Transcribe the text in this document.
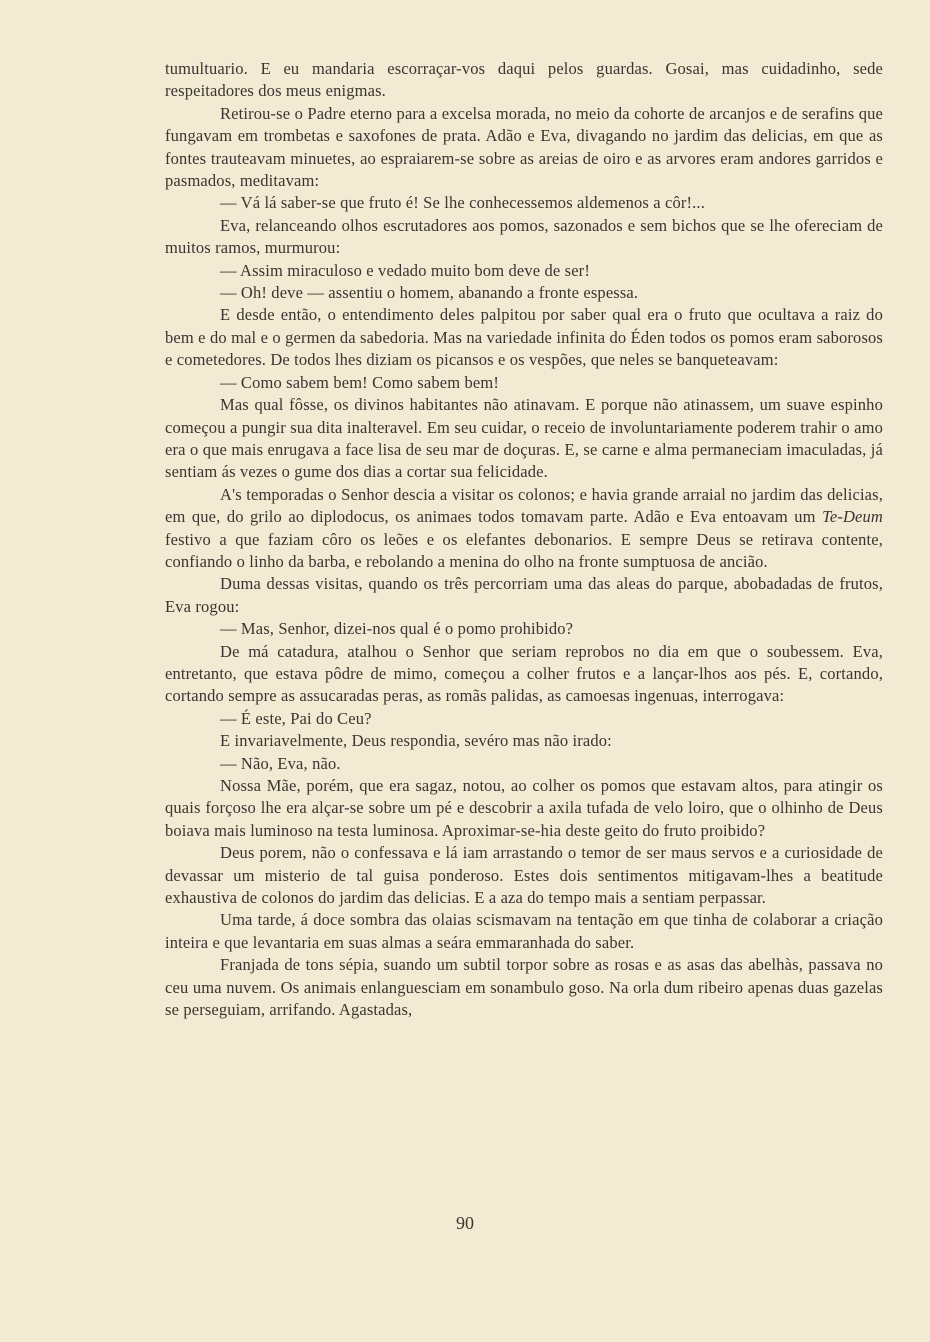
tumultuario. E eu mandaria escorraçar-vos daqui pelos guardas. Gosai, mas cuidadinho, sede respeitadores dos meus enigmas.

Retirou-se o Padre eterno para a excelsa morada, no meio da cohorte de arcanjos e de serafins que fungavam em trombetas e saxofones de prata. Adão e Eva, divagando no jardim das delicias, em que as fontes trauteavam minuetes, ao espraiarem-se sobre as areias de oiro e as arvores eram andores garridos e pasmados, meditavam:

— Vá lá saber-se que fruto é! Se lhe conhecessemos aldemenos a côr!...

Eva, relanceando olhos escrutadores aos pomos, sazonados e sem bichos que se lhe ofereciam de muitos ramos, murmurou:

— Assim miraculoso e vedado muito bom deve de ser!

— Oh! deve — assentiu o homem, abanando a fronte espessa.

E desde então, o entendimento deles palpitou por saber qual era o fruto que ocultava a raiz do bem e do mal e o germen da sabedoria. Mas na variedade infinita do Éden todos os pomos eram saborosos e cometedores. De todos lhes diziam os picansos e os vespões, que neles se banqueteavam:

— Como sabem bem! Como sabem bem!

Mas qual fôsse, os divinos habitantes não atinavam. E porque não atinassem, um suave espinho começou a pungir sua dita inalteravel. Em seu cuidar, o receio de involuntariamente poderem trahir o amo era o que mais enrugava a face lisa de seu mar de doçuras. E, se carne e alma permaneciam imaculadas, já sentiam ás vezes o gume dos dias a cortar sua felicidade.

A's temporadas o Senhor descia a visitar os colonos; e havia grande arraial no jardim das delicias, em que, do grilo ao diplodocus, os animaes todos tomavam parte. Adão e Eva entoavam um Te-Deum festivo a que faziam côro os leões e os elefantes debonarios. E sempre Deus se retirava contente, confiando o linho da barba, e rebolando a menina do olho na fronte sumptuosa de ancião.

Duma dessas visitas, quando os três percorriam uma das aleas do parque, abobadadas de frutos, Eva rogou:

— Mas, Senhor, dizei-nos qual é o pomo prohibido?

De má catadura, atalhou o Senhor que seriam reprobos no dia em que o soubessem. Eva, entretanto, que estava pôdre de mimo, começou a colher frutos e a lançar-lhos aos pés. E, cortando, cortando sempre as assucaradas peras, as romãs palidas, as camoesas ingenuas, interrogava:

— É este, Pai do Ceu?

E invariavelmente, Deus respondia, sevéro mas não irado:

— Não, Eva, não.

Nossa Mãe, porém, que era sagaz, notou, ao colher os pomos que estavam altos, para atingir os quais forçoso lhe era alçar-se sobre um pé e descobrir a axila tufada de velo loiro, que o olhinho de Deus boiava mais luminoso na testa luminosa. Aproximar-se-hia deste geito do fruto proibido?

Deus porem, não o confessava e lá iam arrastando o temor de ser maus servos e a curiosidade de devassar um misterio de tal guisa ponderoso. Estes dois sentimentos mitigavam-lhes a beatitude exhaustiva de colonos do jardim das delicias. E a aza do tempo mais a sentiam perpassar.

Uma tarde, á doce sombra das olaias scismavam na tentação em que tinha de colaborar a criação inteira e que levantaria em suas almas a seára emmaranhada do saber.

Franjada de tons sépia, suando um subtil torpor sobre as rosas e as asas das abelhàs, passava no ceu uma nuvem. Os animais enlanguesciam em sonambulo goso. Na orla dum ribeiro apenas duas gazelas se perseguiam, arrifando. Agastadas,

90
